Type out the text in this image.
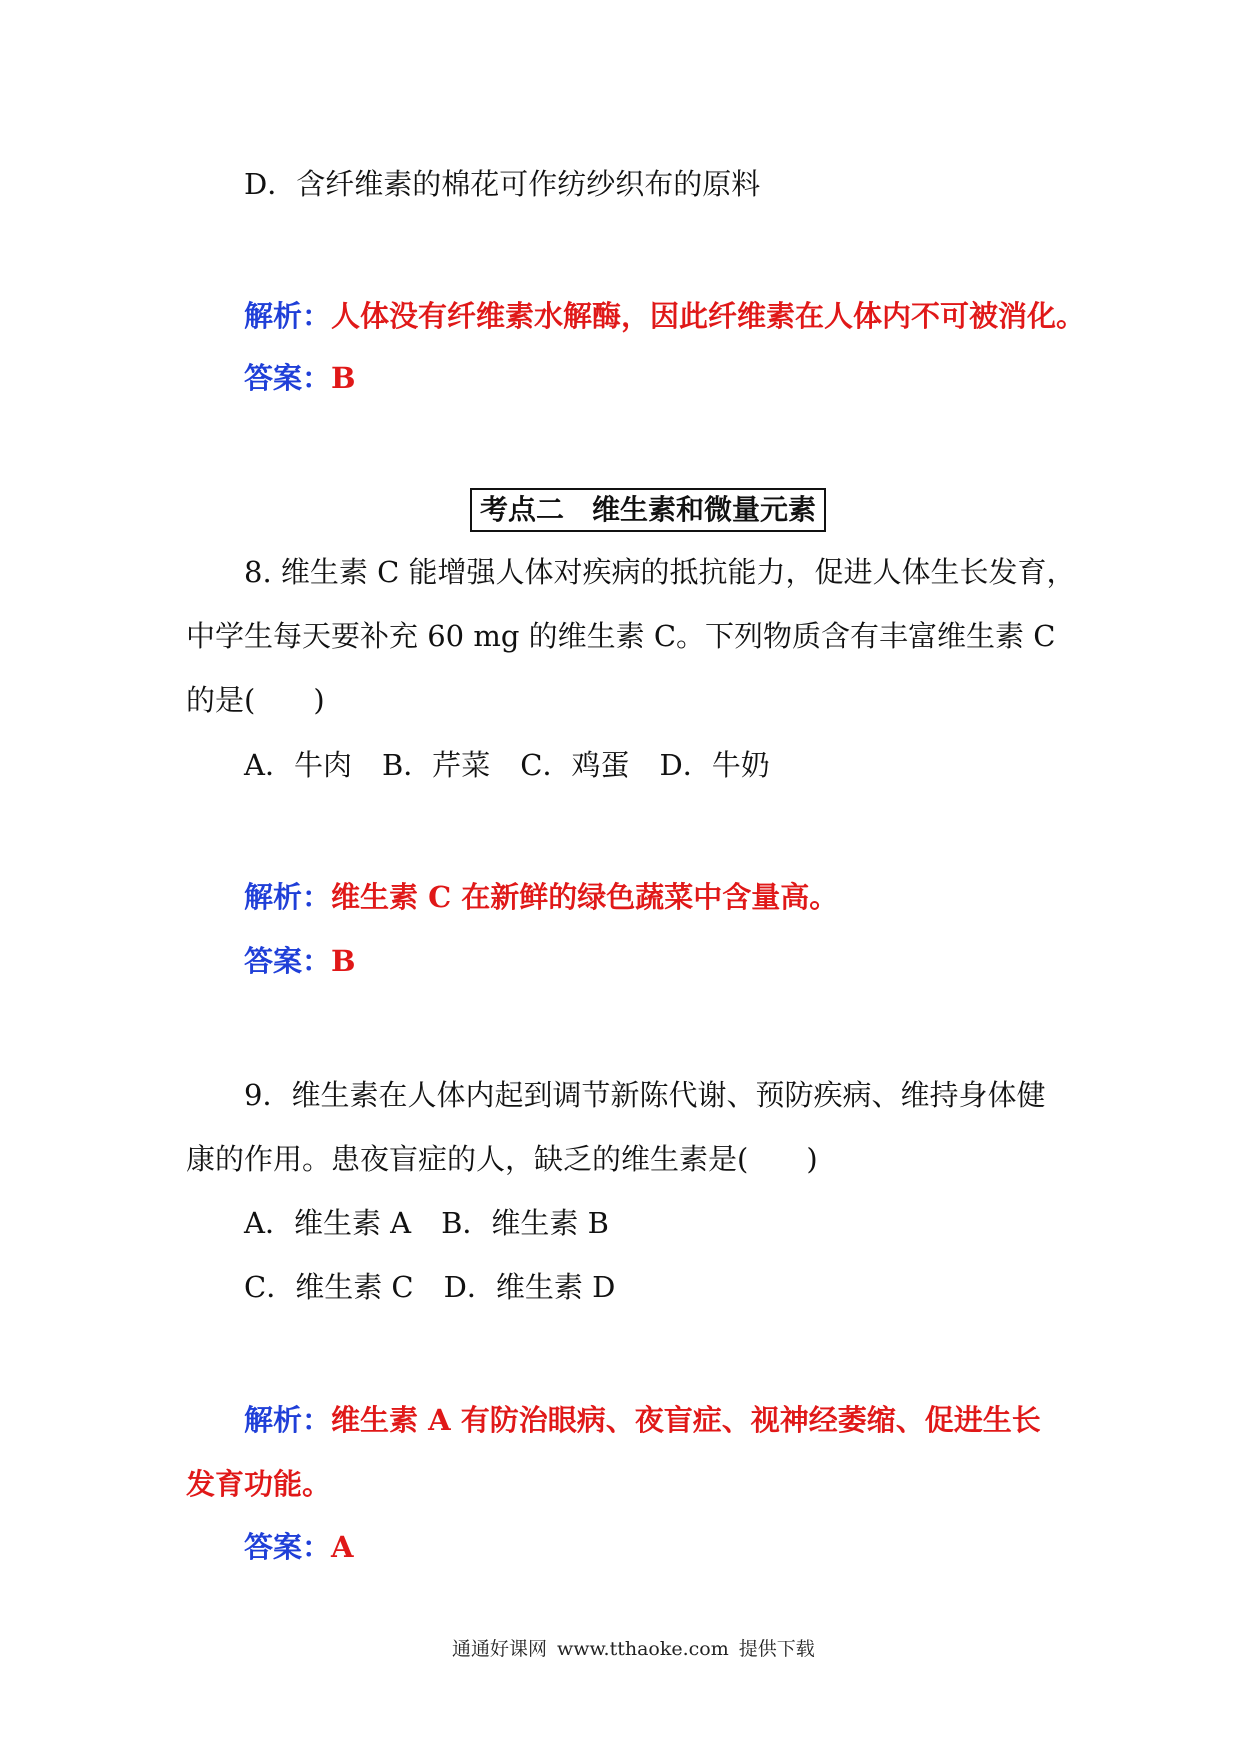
D．含纤维素的棉花可作纺纱织布的原料
解析：人体没有纤维素水解酶，因此纤维素在人体内不可被消化。
答案：B
考点二 维生素和微量元素
8. 维生素 C 能增强人体对疾病的抵抗能力，促进人体生长发育，
中学生每天要补充 60 mg 的维生素 C。下列物质含有丰富维生素 C
的是(　　)
A．牛肉 B．芹菜 C．鸡蛋 D．牛奶
解析：维生素 C 在新鲜的绿色蔬菜中含量高。
答案：B
9．维生素在人体内起到调节新陈代谢、预防疾病、维持身体健
康的作用。患夜盲症的人，缺乏的维生素是(　　)
A．维生素 A B．维生素 B
C．维生素 C D．维生素 D
解析：维生素 A 有防治眼病、夜盲症、视神经萎缩、促进生长
发育功能。
答案：A
通通好课网 www.tthaoke.com 提供下载
